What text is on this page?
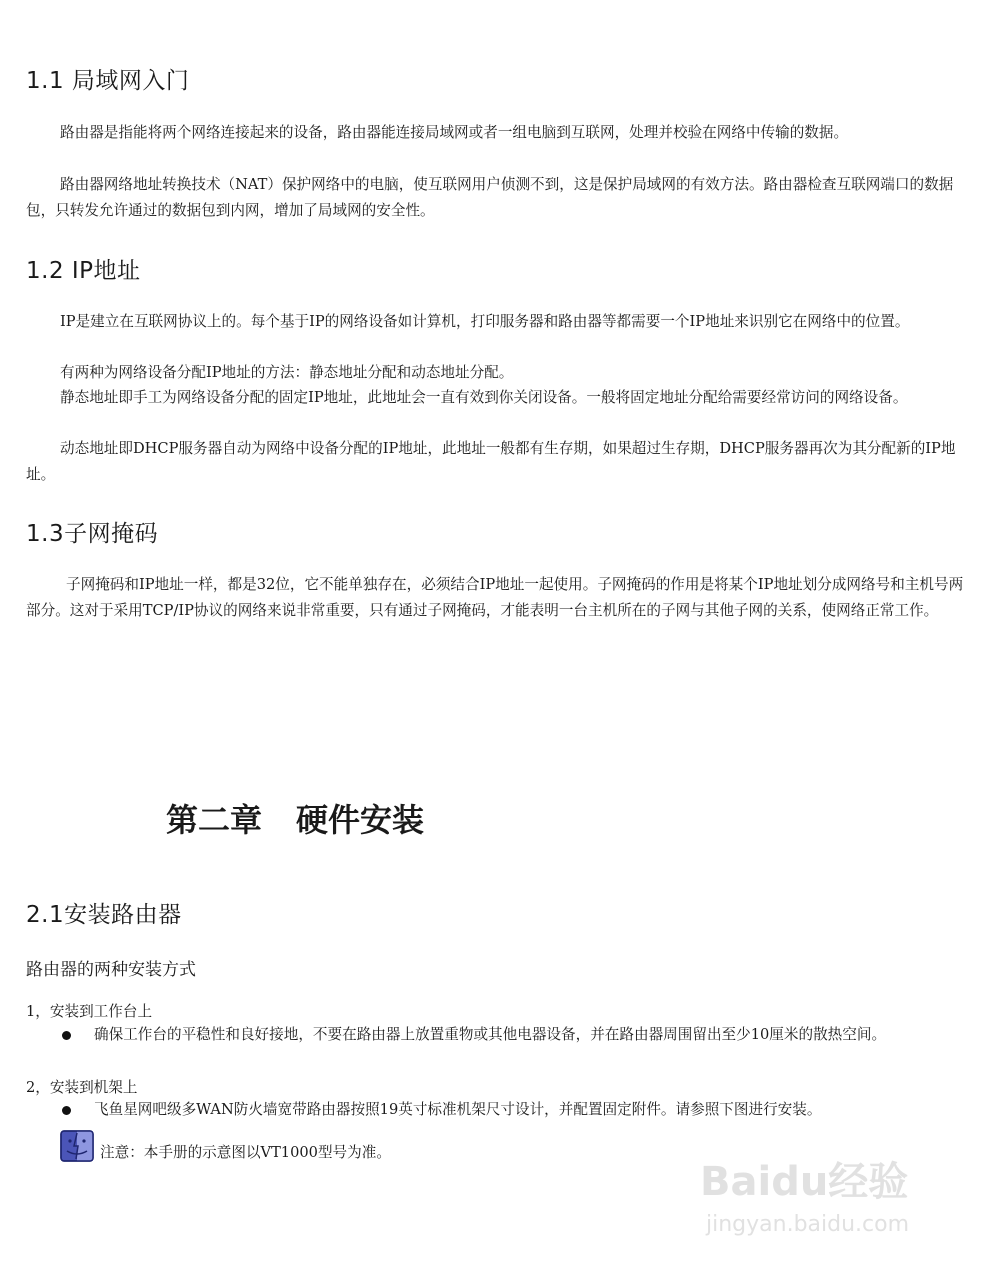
1.1 局域网入门

路由器是指能将两个网络连接起来的设备，路由器能连接局域网或者一组电脑到互联网，处理并校验在网络中传输的数据。

路由器网络地址转换技术（NAT）保护网络中的电脑，使互联网用户侦测不到，这是保护局域网的有效方法。路由器检查互联网端口的数据包，只转发允许通过的数据包到内网，增加了局域网的安全性。

1.2 IP地址

IP是建立在互联网协议上的。每个基于IP的网络设备如计算机，打印服务器和路由器等都需要一个IP地址来识别它在网络中的位置。

有两种为网络设备分配IP地址的方法：静态地址分配和动态地址分配。

静态地址即手工为网络设备分配的固定IP地址，此地址会一直有效到你关闭设备。一般将固定地址分配给需要经常访问的网络设备。

动态地址即DHCP服务器自动为网络中设备分配的IP地址，此地址一般都有生存期，如果超过生存期，DHCP服务器再次为其分配新的IP地址。

1.3子网掩码

子网掩码和IP地址一样，都是32位，它不能单独存在，必须结合IP地址一起使用。子网掩码的作用是将某个IP地址划分成网络号和主机号两部分。这对于采用TCP/IP协议的网络来说非常重要，只有通过子网掩码，才能表明一台主机所在的子网与其他子网的关系，使网络正常工作。

第二章 硬件安装
2.1安装路由器

路由器的两种安装方式

1，安装到工作台上

确保工作台的平稳性和良好接地，不要在路由器上放置重物或其他电器设备，并在路由器周围留出至少10厘米的散热空间。

2，安装到机架上

飞鱼星网吧级多WAN防火墙宽带路由器按照19英寸标准机架尺寸设计，并配置固定附件。请参照下图进行安装。
注意：本手册的示意图以VT1000型号为准。
Baidu经验
jingyan.baidu.com
